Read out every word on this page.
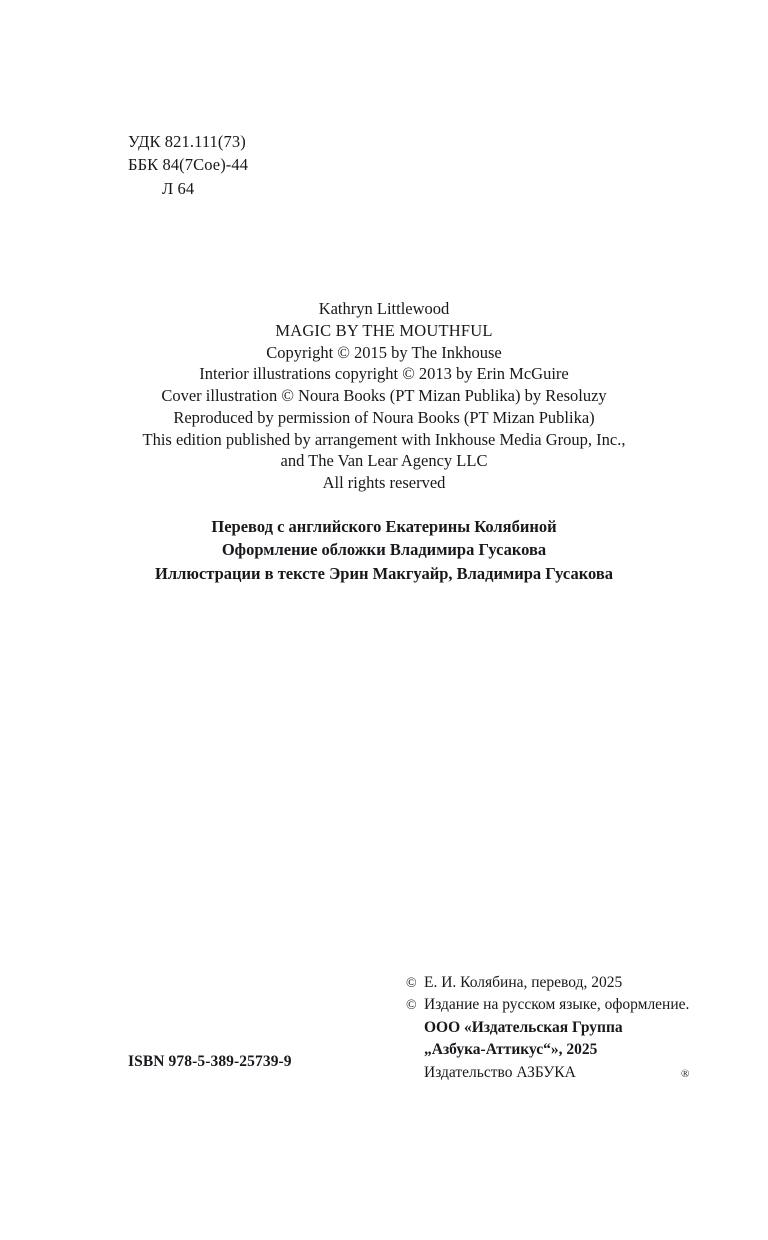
УДК 821.111(73)
ББК 84(7Сое)-44
Л 64
Kathryn Littlewood
MAGIC BY THE MOUTHFUL
Copyright © 2015 by The Inkhouse
Interior illustrations copyright © 2013 by Erin McGuire
Cover illustration © Noura Books (PT Mizan Publika) by Resoluzy
Reproduced by permission of Noura Books (PT Mizan Publika)
This edition published by arrangement with Inkhouse Media Group, Inc.,
and The Van Lear Agency LLC
All rights reserved
Перевод с английского Екатерины Колябиной
Оформление обложки Владимира Гусакова
Иллюстрации в тексте Эрин Макгуайр, Владимира Гусакова
© Е. И. Колябина, перевод, 2025
© Издание на русском языке, оформление.
ООО «Издательская Группа
„Азбука-Аттикус“», 2025
Издательство АЗБУКА	®
ISBN 978-5-389-25739-9
